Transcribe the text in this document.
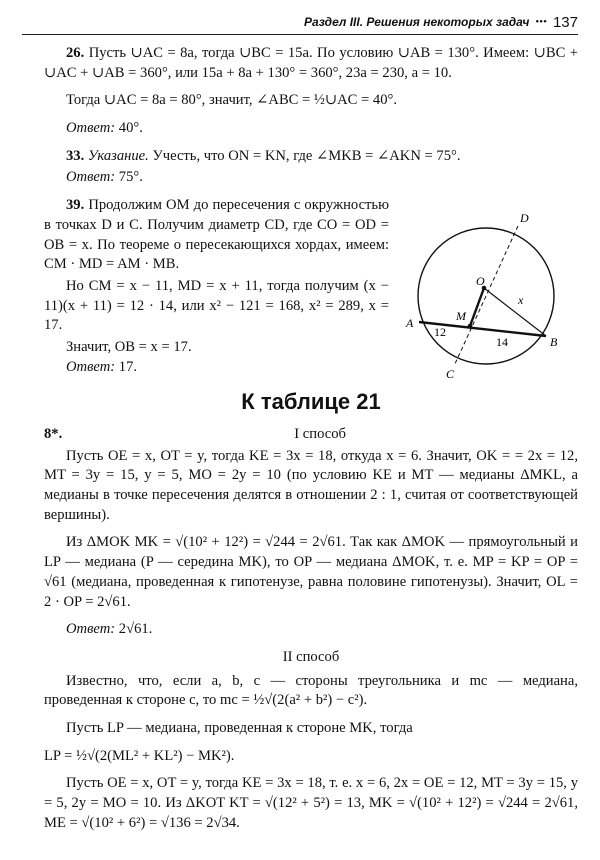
Раздел III. Решения некоторых задач ••• 137

26. Пусть ∪AC = 8a, тогда ∪BC = 15a. По условию ∪AB = 130°. Имеем: ∪BC + ∪AC + ∪AB = 360°, или 15a + 8a + 130° = 360°, 23a = 230, a = 10.

Тогда ∪AC = 8a = 80°, значит, ∠ABC = ½∪AC = 40°.

Ответ: 40°.

33. Указание. Учесть, что ON = KN, где ∠MKB = ∠AKN = 75°.

Ответ: 75°.

39. Продолжим OM до пересечения с окружностью в точках D и C. Получим диаметр CD, где CO = OD = OB = x. По теореме о пересекающихся хордах, имеем: CM · MD = AM · MB.

Но CM = x − 11, MD = x + 11, тогда получим (x − 11)(x + 11) = 12 · 14, или x² − 121 = 168, x² = 289, x = 17.

Значит, OB = x = 17.

Ответ: 17.

К таблице 21

8*.	I способ

Пусть OE = x, OT = y, тогда KE = 3x = 18, откуда x = 6. Значит, OK = = 2x = 12, MT = 3y = 15, y = 5, MO = 2y = 10 (по условию KE и MT — медианы ΔMKL, а медианы в точке пересечения делятся в отношении 2 : 1, считая от соответствующей вершины).

Из ΔMOK MK = √(10² + 12²) = √244 = 2√61. Так как ΔMOK — прямоугольный и LP — медиана (P — середина MK), то OP — медиана ΔMOK, т. е. MP = KP = OP = √61 (медиана, проведенная к гипотенузе, равна половине гипотенузы). Значит, OL = 2 · OP = 2√61.

Ответ: 2√61.

II способ

Известно, что, если a, b, c — стороны треугольника и mc — медиана, проведенная к стороне c, то mc = ½√(2(a² + b²) − c²).

Пусть LP — медиана, проведенная к стороне MK, тогда

LP = ½√(2(ML² + KL²) − MK²).

Пусть OE = x, OT = y, тогда KE = 3x = 18, т. е. x = 6, 2x = OE = 12, MT = 3y = 15, y = 5, 2y = MO = 10. Из ΔKOT KT = √(12² + 5²) = 13, MK = √(10² + 12²) = √244 = 2√61, ME = √(10² + 6²) = √136 = 2√34.

A
B
C
D
O
M
x
12
14
